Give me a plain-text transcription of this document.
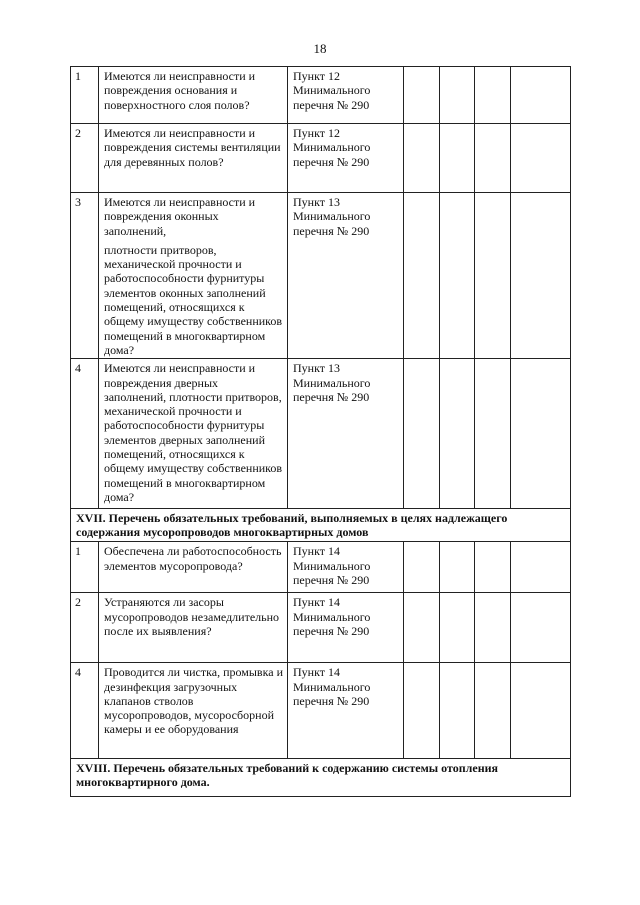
18
1	Имеются ли неисправности и повреждения основания и поверхностного слоя полов?	Пункт 12 Минимального перечня № 290				
2	Имеются ли неисправности и повреждения системы вентиляции для деревянных полов?	Пункт 12 Минимального перечня № 290				
3	Имеются ли неисправности и повреждения оконных заполнений,

плотности притворов, механической прочности и работоспособности фурнитуры элементов оконных заполнений помещений, относящихся к общему имуществу собственников помещений в многоквартирном дома?	Пункт 13 Минимального перечня № 290				
4	Имеются ли неисправности и повреждения дверных заполнений, плотности притворов, механической прочности и работоспособности фурнитуры элементов дверных заполнений помещений, относящихся к общему имуществу собственников помещений в многоквартирном дома?	Пункт 13 Минимального перечня № 290				
XVII. Перечень обязательных требований, выполняемых в целях надлежащего содержания мусоропроводов многоквартирных домов						
1	Обеспечена ли работоспособность элементов мусоропровода?	Пункт 14 Минимального перечня № 290				
2	Устраняются ли засоры мусоропроводов незамедлительно после их выявления?	Пункт 14 Минимального перечня № 290				
4	Проводится ли чистка, промывка и дезинфекция загрузочных клапанов стволов мусоропроводов, мусоросборной камеры и ее оборудования	Пункт 14 Минимального перечня № 290				
XVIII. Перечень обязательных требований к содержанию системы отопления многоквартирного дома.						
